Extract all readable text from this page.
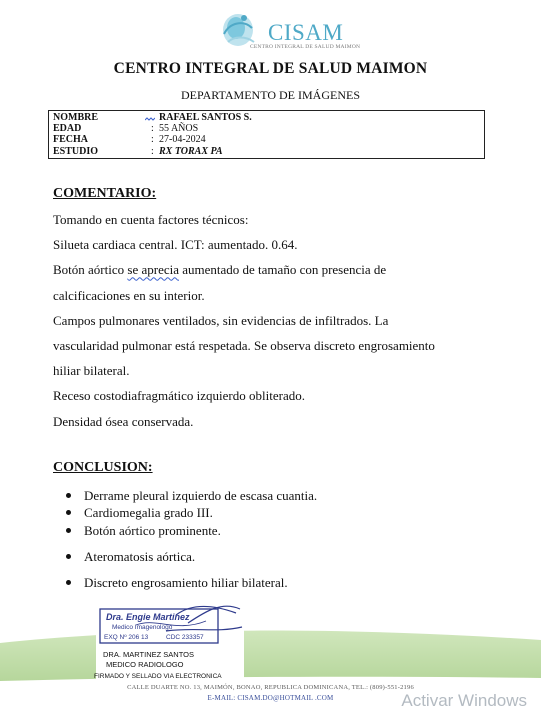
CISAM
CENTRO INTEGRAL DE SALUD MAIMON
CENTRO INTEGRAL DE SALUD MAIMON
DEPARTAMENTO DE IMÁGENES
NOMBRE	RAFAEL SANTOS S.
EDAD	: 55 AÑOS
FECHA	: 27-04-2024
ESTUDIO	: RX TORAX PA
COMENTARIO:

Tomando en cuenta factores técnicos:

Silueta cardiaca central. ICT: aumentado. 0.64.

Botón aórtico se aprecia aumentado de tamaño con presencia de

calcificaciones en su interior.

Campos pulmonares ventilados, sin evidencias de infiltrados. La

vascularidad pulmonar está respetada. Se observa discreto engrosamiento

hiliar bilateral.

Receso costodiafragmático izquierdo obliterado.

Densidad ósea conservada.

CONCLUSION:
Derrame pleural izquierdo de escasa cuantia.
Cardiomegalia grado III.
Botón aórtico prominente.
Ateromatosis aórtica.
Discreto engrosamiento hiliar bilateral.
Dra. Engie Martinez
Medico Imagenologo
EXQ Nº 206 13	CDC 233357
DRA. MARTINEZ SANTOS
MEDICO RADIOLOGO
FIRMADO Y SELLADO VIA ELECTRONICA
CALLE DUARTE NO. 13, MAIMÓN, BONAO, REPUBLICA DOMINICANA, TEL.: (809)-551-2196
E-MAIL: CISAM.DO@HOTMAIL .COM	Activar Windows
